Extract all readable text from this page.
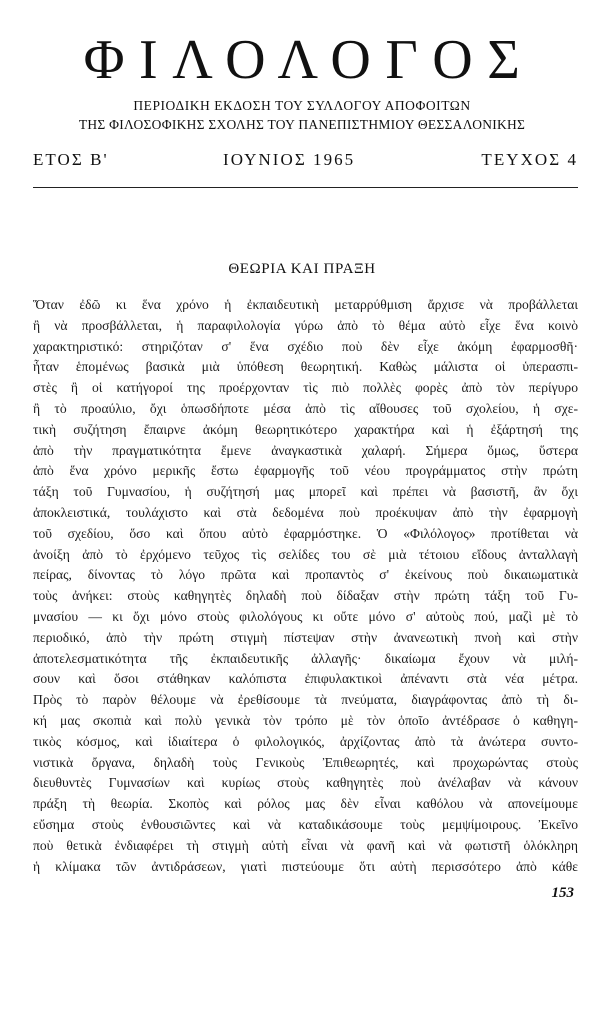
ΦΙΛΟΛΟΓΟΣ
ΠΕΡΙΟΔΙΚΗ ΕΚΔΟΣΗ ΤΟΥ ΣΥΛΛΟΓΟΥ ΑΠΟΦΟΙΤΩΝ
ΤΗΣ ΦΙΛΟΣΟΦΙΚΗΣ ΣΧΟΛΗΣ ΤΟΥ ΠΑΝΕΠΙΣΤΗΜΙΟΥ ΘΕΣΣΑΛΟΝΙΚΗΣ
ΕΤΟΣ Β'	ΙΟΥΝΙΟΣ 1965	ΤΕΥΧΟΣ 4
ΘΕΩΡΙΑ ΚΑΙ ΠΡΑΞΗ
Ὅταν ἐδῶ κι ἕνα χρόνο ἡ ἐκπαιδευτικὴ μεταρρύθμιση ἄρχισε νὰ προβάλλεται
ἢ νὰ προσβάλλεται, ἡ παραφιλολογία γύρω ἀπὸ τὸ θέμα αὐτὸ εἶχε ἕνα κοινὸ
χαρακτηριστικό: στηριζόταν σ' ἕνα σχέδιο ποὺ δὲν εἶχε ἀκόμη ἐφαρμοσθῆ·
ἦταν ἑπομένως βασικὰ μιὰ ὑπόθεση θεωρητική. Καθὼς μάλιστα οἱ ὑπερασπι-
στὲς ἢ οἱ κατήγοροί της προέρχονταν τὶς πιὸ πολλὲς φορὲς ἀπὸ τὸν περίγυρο
ἢ τὸ προαύλιο, ὄχι ὁπωσδήποτε μέσα ἀπὸ τὶς αἴθουσες τοῦ σχολείου, ἡ σχε-
τικὴ συζήτηση ἔπαιρνε ἀκόμη θεωρητικότερο χαρακτήρα καὶ ἡ ἐξάρτησή της
ἀπὸ τὴν πραγματικότητα ἔμενε ἀναγκαστικὰ χαλαρή. Σήμερα ὅμως, ὕστερα
ἀπὸ ἕνα χρόνο μερικῆς ἔστω ἐφαρμογῆς τοῦ νέου προγράμματος στὴν πρώτη
τάξη τοῦ Γυμνασίου, ἡ συζήτησή μας μπορεῖ καὶ πρέπει νὰ βασιστῆ, ἂν ὄχι
ἀποκλειστικά, τουλάχιστο καὶ στὰ δεδομένα ποὺ προέκυψαν ἀπὸ τὴν ἐφαρμογὴ
τοῦ σχεδίου, ὅσο καὶ ὅπου αὐτὸ ἐφαρμόστηκε. Ὁ «Φιλόλογος» προτίθεται νὰ
ἀνοίξη ἀπὸ τὸ ἐρχόμενο τεῦχος τὶς σελίδες του σὲ μιὰ τέτοιου εἴδους ἀνταλλαγὴ
πείρας, δίνοντας τὸ λόγο πρῶτα καὶ προπαντὸς σ' ἐκείνους ποὺ δικαιωματικὰ
τοὺς ἀνήκει: στοὺς καθηγητὲς δηλαδὴ ποὺ δίδαξαν στὴν πρώτη τάξη τοῦ Γυ-
μνασίου — κι ὄχι μόνο στοὺς φιλολόγους κι οὔτε μόνο σ' αὐτοὺς πού, μαζὶ μὲ τὸ
περιοδικό, ἀπὸ τὴν πρώτη στιγμὴ πίστεψαν στὴν ἀνανεωτικὴ πνοὴ καὶ στὴν
ἀποτελεσματικότητα τῆς ἐκπαιδευτικῆς ἀλλαγῆς· δικαίωμα ἔχουν νὰ μιλή-
σουν καὶ ὅσοι στάθηκαν καλόπιστα ἐπιφυλακτικοὶ ἀπέναντι στὰ νέα μέτρα.
Πρὸς τὸ παρὸν θέλουμε νὰ ἐρεθίσουμε τὰ πνεύματα, διαγράφοντας ἀπὸ τὴ δι-
κή μας σκοπιὰ καὶ πολὺ γενικὰ τὸν τρόπο μὲ τὸν ὁποῖο ἀντέδρασε ὁ καθηγη-
τικὸς κόσμος, καὶ ἰδιαίτερα ὁ φιλολογικός, ἀρχίζοντας ἀπὸ τὰ ἀνώτερα συντο-
νιστικὰ ὄργανα, δηλαδὴ τοὺς Γενικοὺς Ἐπιθεωρητές, καὶ προχωρώντας στοὺς
διευθυντὲς Γυμνασίων καὶ κυρίως στοὺς καθηγητὲς ποὺ ἀνέλαβαν νὰ κάνουν
πράξη τὴ θεωρία. Σκοπὸς καὶ ρόλος μας δὲν εἶναι καθόλου νὰ απονείμουμε
εὔσημα στοὺς ἐνθουσιῶντες καὶ νὰ καταδικάσουμε τοὺς μεμψίμοιρους. Ἐκεῖνο
ποὺ θετικὰ ἐνδιαφέρει τὴ στιγμὴ αὐτὴ εἶναι νὰ φανῆ καὶ νὰ φωτιστῆ ὁλόκληρη
ἡ κλίμακα τῶν ἀντιδράσεων, γιατὶ πιστεύουμε ὅτι αὐτὴ περισσότερο ἀπὸ κάθε
153
